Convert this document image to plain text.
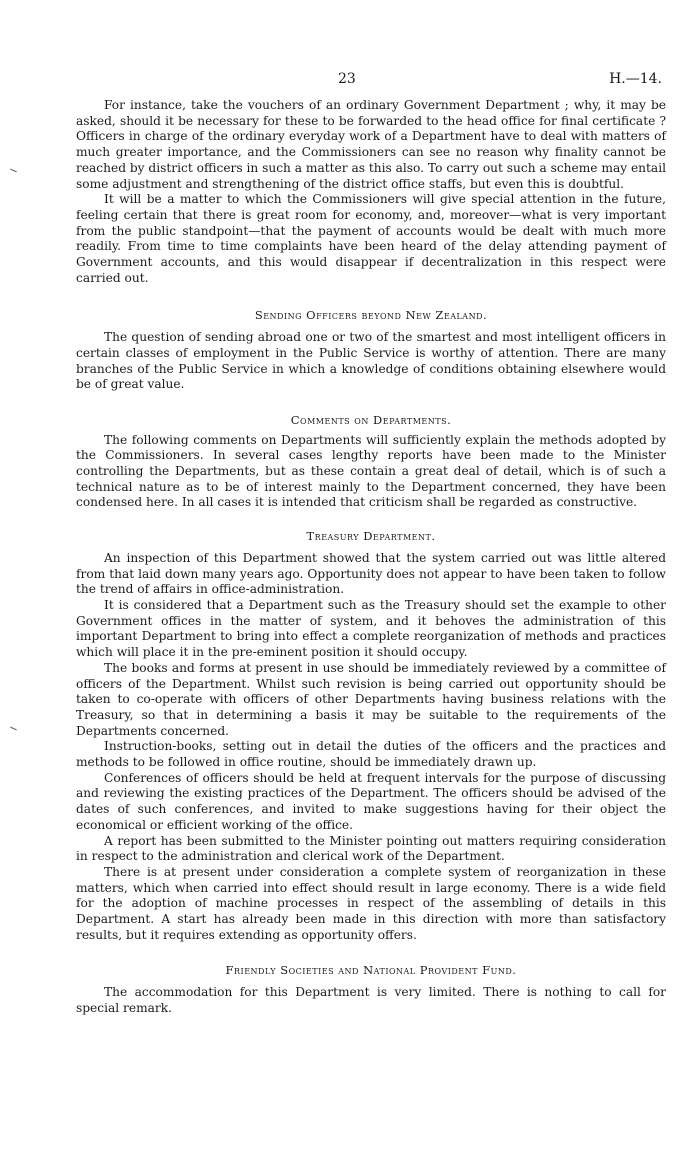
23	H.—14.

For instance, take the vouchers of an ordinary Government Department ; why, it may be asked, should it be necessary for these to be forwarded to the head office for final certificate ? Officers in charge of the ordinary everyday work of a Department have to deal with matters of much greater importance, and the Commissioners can see no reason why finality cannot be reached by district officers in such a matter as this also. To carry out such a scheme may entail some adjustment and strengthening of the district office staffs, but even this is doubtful.

It will be a matter to which the Commissioners will give special attention in the future, feeling certain that there is great room for economy, and, moreover—what is very important from the public standpoint—that the payment of accounts would be dealt with much more readily. From time to time complaints have been heard of the delay attending payment of Government accounts, and this would disappear if decentralization in this respect were carried out.

Sending Officers beyond New Zealand.

The question of sending abroad one or two of the smartest and most intelligent officers in certain classes of employment in the Public Service is worthy of attention. There are many branches of the Public Service in which a knowledge of conditions obtaining elsewhere would be of great value.

Comments on Departments.

The following comments on Departments will sufficiently explain the methods adopted by the Commissioners. In several cases lengthy reports have been made to the Minister controlling the Departments, but as these contain a great deal of detail, which is of such a technical nature as to be of interest mainly to the Department concerned, they have been condensed here. In all cases it is intended that criticism shall be regarded as constructive.

Treasury Department.

An inspection of this Department showed that the system carried out was little altered from that laid down many years ago. Opportunity does not appear to have been taken to follow the trend of affairs in office-administration.

It is considered that a Department such as the Treasury should set the example to other Government offices in the matter of system, and it behoves the administration of this important Department to bring into effect a complete reorganization of methods and practices which will place it in the pre-eminent position it should occupy.

The books and forms at present in use should be immediately reviewed by a committee of officers of the Department. Whilst such revision is being carried out opportunity should be taken to co-operate with officers of other Departments having business relations with the Treasury, so that in determining a basis it may be suitable to the requirements of the Departments concerned.

Instruction-books, setting out in detail the duties of the officers and the practices and methods to be followed in office routine, should be immediately drawn up.

Conferences of officers should be held at frequent intervals for the purpose of discussing and reviewing the existing practices of the Department. The officers should be advised of the dates of such conferences, and invited to make suggestions having for their object the economical or efficient working of the office.

A report has been submitted to the Minister pointing out matters requiring consideration in respect to the administration and clerical work of the Department.

There is at present under consideration a complete system of reorganization in these matters, which when carried into effect should result in large economy. There is a wide field for the adoption of machine processes in respect of the assembling of details in this Department. A start has already been made in this direction with more than satisfactory results, but it requires extending as opportunity offers.

Friendly Societies and National Provident Fund.

The accommodation for this Department is very limited. There is nothing to call for special remark.
